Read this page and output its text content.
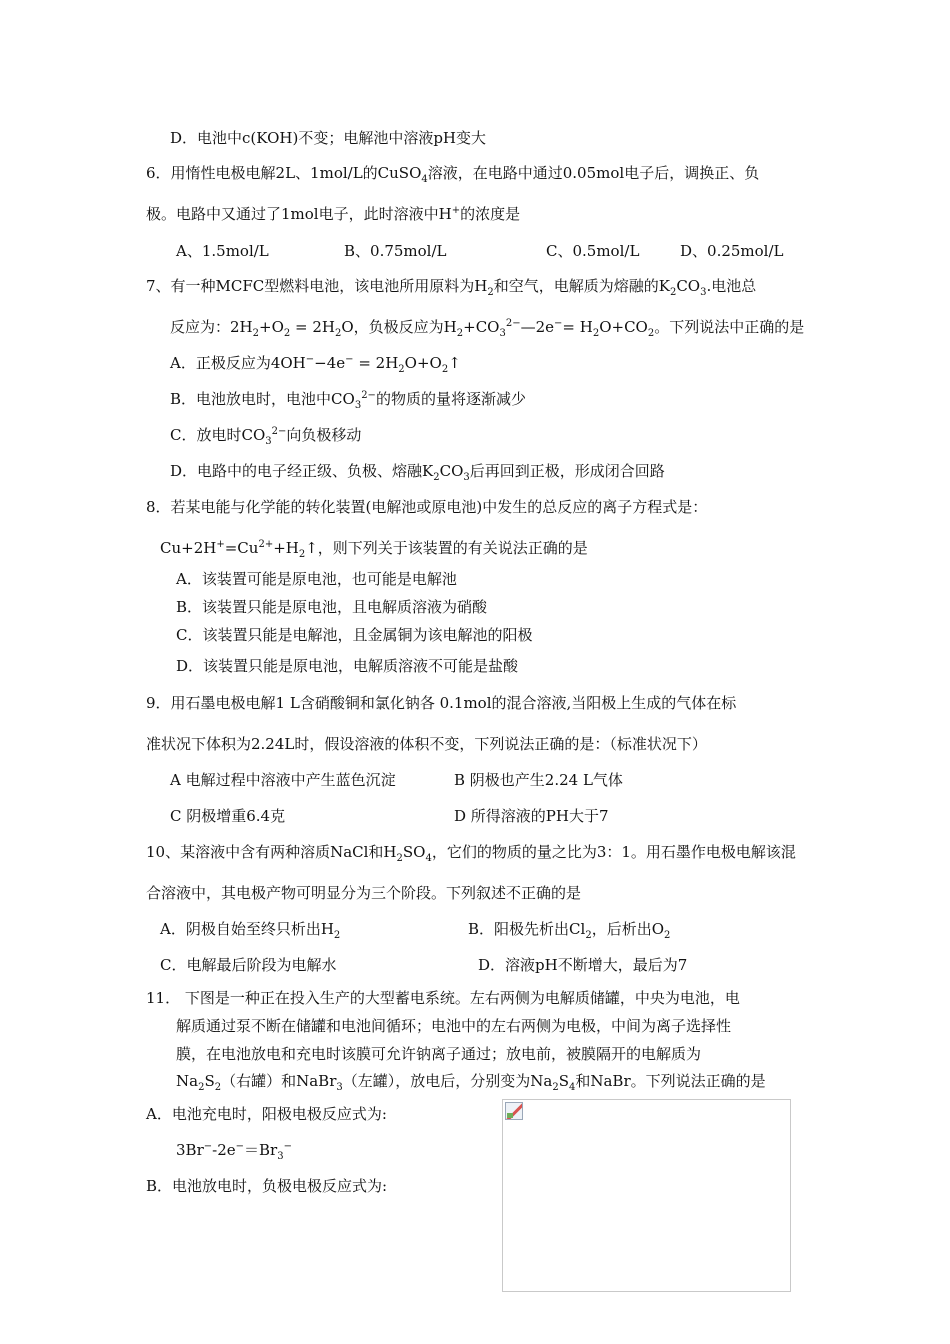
D．电池中c(KOH)不变；电解池中溶液pH变大
6．用惰性电极电解2L、1mol/L的CuSO$_4$溶液，在电路中通过0.05mol电子后，调换正、负
极。电路中又通过了1mol电子，此时溶液中H+的浓度是
A、1.5mol/L	B、0.75mol/L	C、0.5mol/L	D、0.25mol/L
7、有一种MCFC型燃料电池，该电池所用原料为$H_2$和空气，电解质为熔融的$K_2CO_3$.电池总
反应为：$2H_2+O_2 = 2H_2O$，负极反应为$H_2+CO_3^{2-}—2e^-= H_2O+CO_2$。下列说法中正确的是
A．正极反应为$4OH^--4e^- = 2H_2O+O_2↑$
B．电池放电时，电池中$CO_3^{2-}$的物质的量将逐渐减少
C．放电时$CO_3^{2-}$向负极移动
D．电路中的电子经正级、负极、熔融$K_2CO_3$后再回到正极，形成闭合回路
8．若某电能与化学能的转化装置(电解池或原电池)中发生的总反应的离子方程式是：
$Cu+2H^+=Cu^{2+}+H_2↑$，则下列关于该装置的有关说法正确的是
A．该装置可能是原电池，也可能是电解池
B．该装置只能是原电池，且电解质溶液为硝酸
C．该装置只能是电解池，且金属铜为该电解池的阳极
D．该装置只能是原电池，电解质溶液不可能是盐酸
9．用石墨电极电解1 L含硝酸铜和氯化钠各 0.1mol的混合溶液,当阳极上生成的气体在标
准状况下体积为2.24L时，假设溶液的体积不变，下列说法正确的是：（标准状况下）
A 电解过程中溶液中产生蓝色沉淀	B 阴极也产生2.24 L气体
C 阴极增重6.4克	D 所得溶液的PH大于7
10、某溶液中含有两种溶质NaCl和$H_2SO_4$，它们的物质的量之比为3：1。用石墨作电极电解该混
合溶液中，其电极产物可明显分为三个阶段。下列叙述不正确的是
A．阴极自始至终只析出$H_2$	B．阳极先析出$Cl_2$，后析出$O_2$
C．电解最后阶段为电解水	D．溶液pH不断增大，最后为7
11． 下图是一种正在投入生产的大型蓄电系统。左右两侧为电解质储罐，中央为电池，电
解质通过泵不断在储罐和电池间循环；电池中的左右两侧为电极，中间为离子选择性
膜，在电池放电和充电时该膜可允许钠离子通过；放电前，被膜隔开的电解质为
$Na_2S_2$（右罐）和NaBr$_3$（左罐），放电后，分别变为$Na_2S_4$和NaBr。下列说法正确的是
A．电池充电时，阳极电极反应式为:
$3Br^--2e^-=Br_3^-$
B．电池放电时，负极电极反应式为:
